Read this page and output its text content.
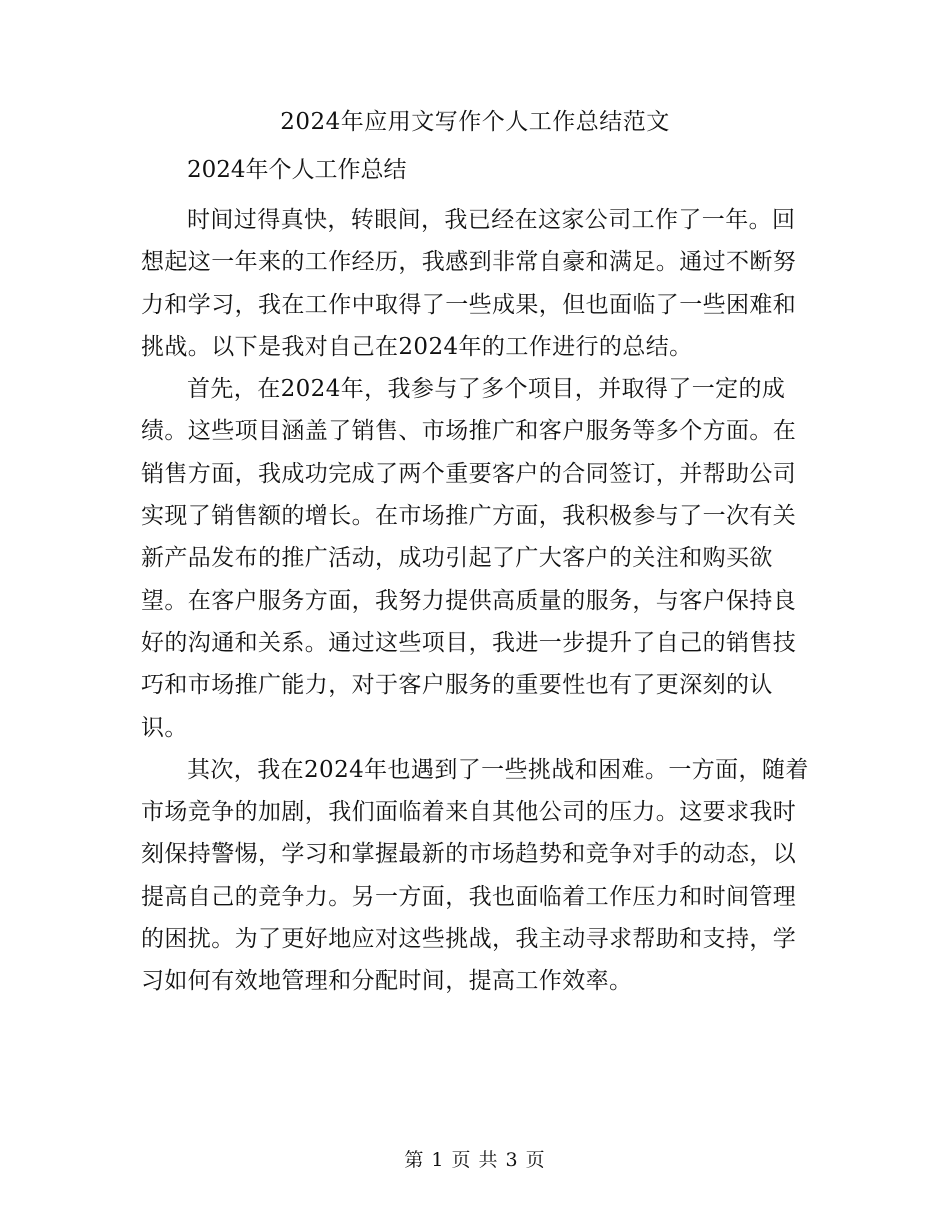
2024年应用文写作个人工作总结范文

2024年个人工作总结

时间过得真快，转眼间，我已经在这家公司工作了一年。回
想起这一年来的工作经历，我感到非常自豪和满足。通过不断努
力和学习，我在工作中取得了一些成果，但也面临了一些困难和
挑战。以下是我对自己在2024年的工作进行的总结。

首先，在2024年，我参与了多个项目，并取得了一定的成
绩。这些项目涵盖了销售、市场推广和客户服务等多个方面。在
销售方面，我成功完成了两个重要客户的合同签订，并帮助公司
实现了销售额的增长。在市场推广方面，我积极参与了一次有关
新产品发布的推广活动，成功引起了广大客户的关注和购买欲
望。在客户服务方面，我努力提供高质量的服务，与客户保持良
好的沟通和关系。通过这些项目，我进一步提升了自己的销售技
巧和市场推广能力，对于客户服务的重要性也有了更深刻的认
识。

其次，我在2024年也遇到了一些挑战和困难。一方面，随着
市场竞争的加剧，我们面临着来自其他公司的压力。这要求我时
刻保持警惕，学习和掌握最新的市场趋势和竞争对手的动态，以
提高自己的竞争力。另一方面，我也面临着工作压力和时间管理
的困扰。为了更好地应对这些挑战，我主动寻求帮助和支持，学
习如何有效地管理和分配时间，提高工作效率。

第 1 页 共 3 页
